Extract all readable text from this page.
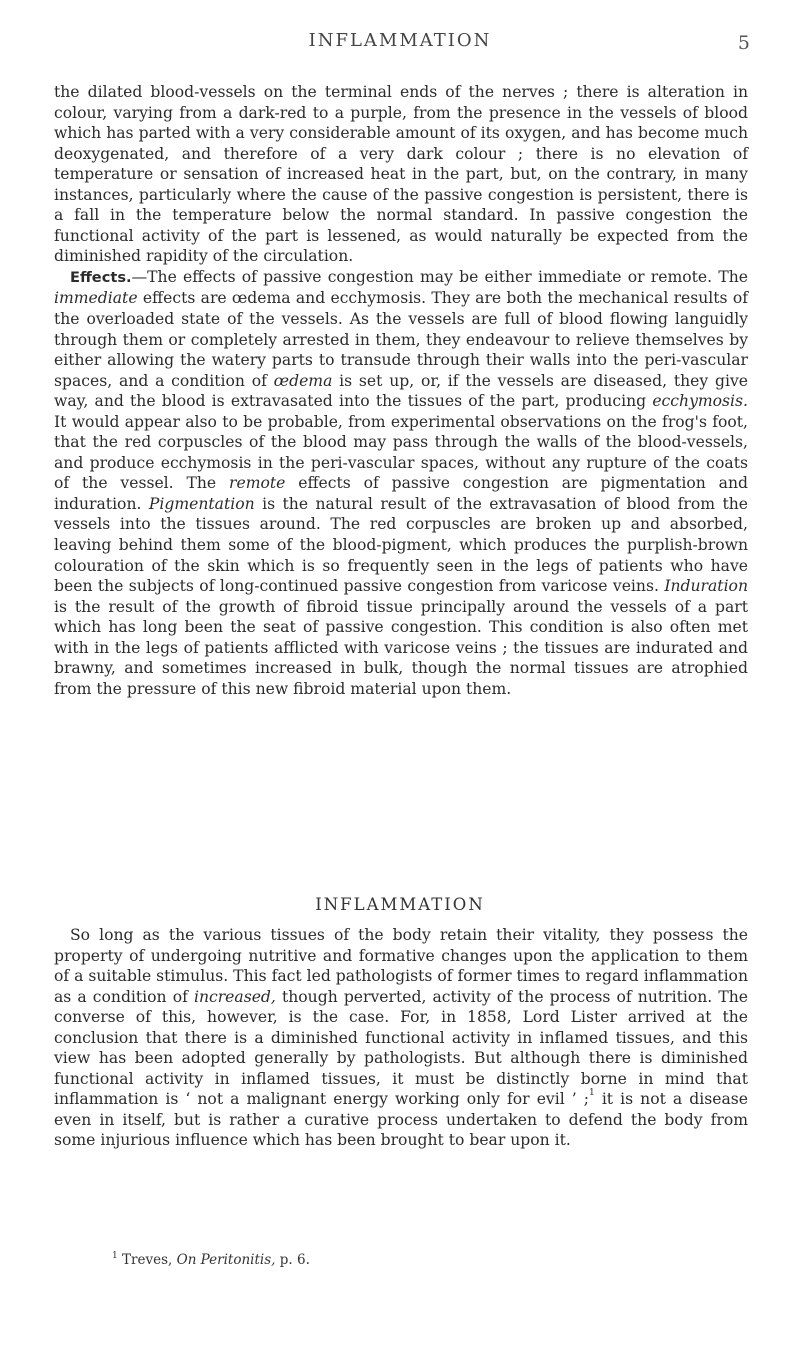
INFLAMMATION	5

the dilated blood-vessels on the terminal ends of the nerves ; there is alteration in colour, varying from a dark-red to a purple, from the presence in the vessels of blood which has parted with a very considerable amount of its oxygen, and has become much deoxygenated, and therefore of a very dark colour ; there is no elevation of temperature or sensation of increased heat in the part, but, on the contrary, in many instances, particularly where the cause of the passive congestion is persistent, there is a fall in the temperature below the normal standard. In passive congestion the functional activity of the part is lessened, as would naturally be expected from the diminished rapidity of the circulation.

Effects.—The effects of passive congestion may be either immediate or remote. The immediate effects are œdema and ecchymosis. They are both the mechanical results of the overloaded state of the vessels. As the vessels are full of blood flowing languidly through them or completely arrested in them, they endeavour to relieve themselves by either allowing the watery parts to transude through their walls into the peri-vascular spaces, and a condition of œdema is set up, or, if the vessels are diseased, they give way, and the blood is extravasated into the tissues of the part, producing ecchymosis. It would appear also to be probable, from experimental observations on the frog's foot, that the red corpuscles of the blood may pass through the walls of the blood-vessels, and produce ecchymosis in the peri-vascular spaces, without any rupture of the coats of the vessel. The remote effects of passive congestion are pigmentation and induration. Pigmentation is the natural result of the extravasation of blood from the vessels into the tissues around. The red corpuscles are broken up and absorbed, leaving behind them some of the blood-pigment, which produces the purplish-brown colouration of the skin which is so frequently seen in the legs of patients who have been the subjects of long-continued passive congestion from varicose veins. Induration is the result of the growth of fibroid tissue principally around the vessels of a part which has long been the seat of passive congestion. This condition is also often met with in the legs of patients afflicted with varicose veins ; the tissues are indurated and brawny, and sometimes increased in bulk, though the normal tissues are atrophied from the pressure of this new fibroid material upon them.

INFLAMMATION

So long as the various tissues of the body retain their vitality, they possess the property of undergoing nutritive and formative changes upon the application to them of a suitable stimulus. This fact led pathologists of former times to regard inflammation as a condition of increased, though perverted, activity of the process of nutrition. The converse of this, however, is the case. For, in 1858, Lord Lister arrived at the conclusion that there is a diminished functional activity in inflamed tissues, and this view has been adopted generally by pathologists. But although there is diminished functional activity in inflamed tissues, it must be distinctly borne in mind that inflammation is ‘ not a malignant energy working only for evil ’ ;$^1$ it is not a disease even in itself, but is rather a curative process undertaken to defend the body from some injurious influence which has been brought to bear upon it.

$^1$ Treves, On Peritonitis, p. 6.
